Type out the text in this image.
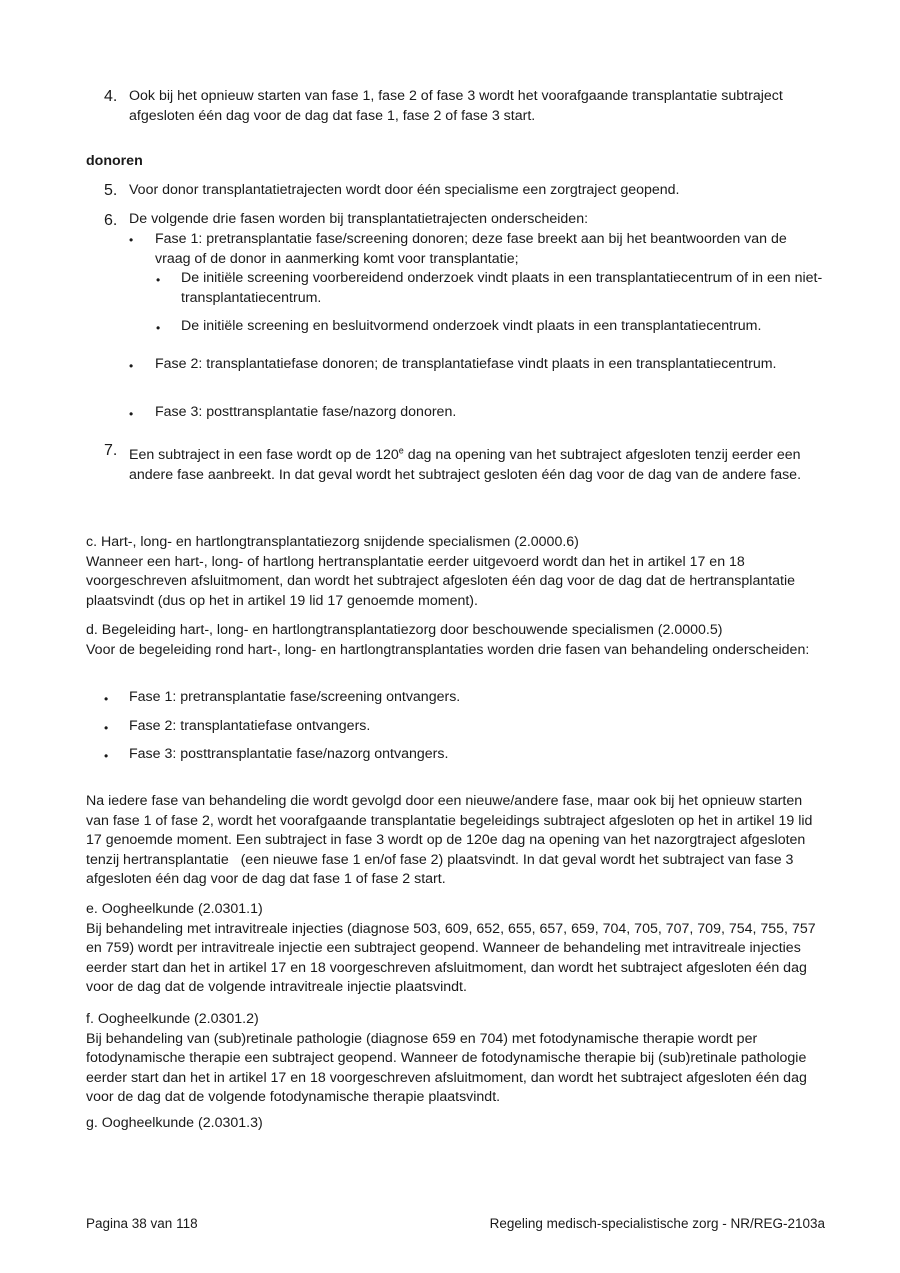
4. Ook bij het opnieuw starten van fase 1, fase 2 of fase 3 wordt het voorafgaande transplantatie subtraject afgesloten één dag voor de dag dat fase 1, fase 2 of fase 3 start.
donoren
5. Voor donor transplantatietrajecten wordt door één specialisme een zorgtraject geopend.
6. De volgende drie fasen worden bij transplantatietrajecten onderscheiden:
• Fase 1: pretransplantatie fase/screening donoren; deze fase breekt aan bij het beantwoorden van de vraag of de donor in aanmerking komt voor transplantatie;
• De initiële screening voorbereidend onderzoek vindt plaats in een transplantatiecentrum of in een niet-transplantatiecentrum.
• De initiële screening en besluitvormend onderzoek vindt plaats in een transplantatiecentrum.
• Fase 2: transplantatiefase donoren; de transplantatiefase vindt plaats in een transplantatiecentrum.
• Fase 3: posttransplantatie fase/nazorg donoren.
7. Een subtraject in een fase wordt op de 120e dag na opening van het subtraject afgesloten tenzij eerder een andere fase aanbreekt. In dat geval wordt het subtraject gesloten één dag voor de dag van de andere fase.
c. Hart-, long- en hartlongtransplantatiezorg snijdende specialismen (2.0000.6)
Wanneer een hart-, long- of hartlong hertransplantatie eerder uitgevoerd wordt dan het in artikel 17 en 18 voorgeschreven afsluitmoment, dan wordt het subtraject afgesloten één dag voor de dag dat de hertransplantatie plaatsvindt (dus op het in artikel 19 lid 17 genoemde moment).
d. Begeleiding hart-, long- en hartlongtransplantatiezorg door beschouwende specialismen (2.0000.5)
Voor de begeleiding rond hart-, long- en hartlongtransplantaties worden drie fasen van behandeling onderscheiden:
• Fase 1: pretransplantatie fase/screening ontvangers.
• Fase 2: transplantatiefase ontvangers.
• Fase 3: posttransplantatie fase/nazorg ontvangers.
Na iedere fase van behandeling die wordt gevolgd door een nieuwe/andere fase, maar ook bij het opnieuw starten van fase 1 of fase 2, wordt het voorafgaande transplantatie begeleidings subtraject afgesloten op het in artikel 19 lid 17 genoemde moment. Een subtraject in fase 3 wordt op de 120e dag na opening van het nazorgtraject afgesloten tenzij hertransplantatie   (een nieuwe fase 1 en/of fase 2) plaatsvindt. In dat geval wordt het subtraject van fase 3 afgesloten één dag voor de dag dat fase 1 of fase 2 start.
e. Oogheelkunde (2.0301.1)
Bij behandeling met intravitreale injecties (diagnose 503, 609, 652, 655, 657, 659, 704, 705, 707, 709, 754, 755, 757 en 759) wordt per intravitreale injectie een subtraject geopend. Wanneer de behandeling met intravitreale injecties eerder start dan het in artikel 17 en 18 voorgeschreven afsluitmoment, dan wordt het subtraject afgesloten één dag voor de dag dat de volgende intravitreale injectie plaatsvindt.
f. Oogheelkunde (2.0301.2)
Bij behandeling van (sub)retinale pathologie (diagnose 659 en 704) met fotodynamische therapie wordt per fotodynamische therapie een subtraject geopend. Wanneer de fotodynamische therapie bij (sub)retinale pathologie eerder start dan het in artikel 17 en 18 voorgeschreven afsluitmoment, dan wordt het subtraject afgesloten één dag voor de dag dat de volgende fotodynamische therapie plaatsvindt.
g. Oogheelkunde (2.0301.3)
Pagina 38 van 118	Regeling medisch-specialistische zorg - NR/REG-2103a
